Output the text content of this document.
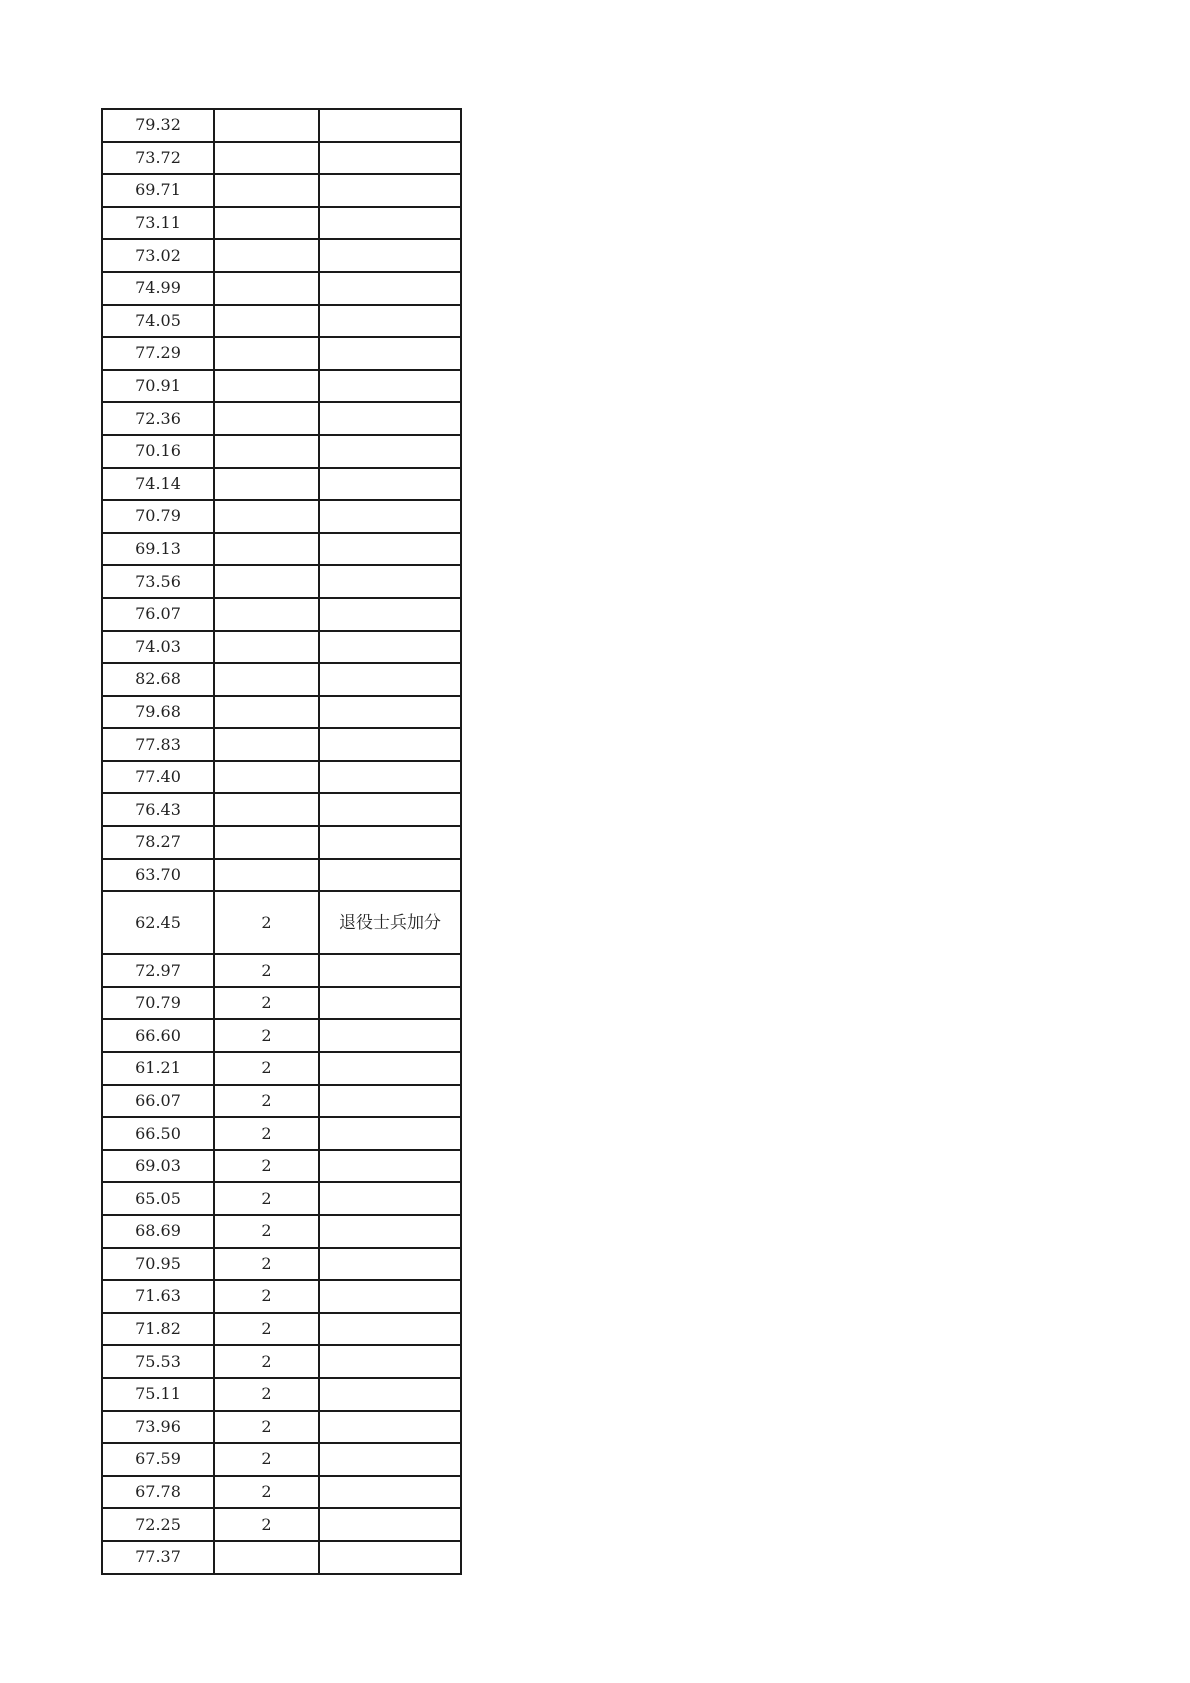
79.32		
73.72		
69.71		
73.11		
73.02		
74.99		
74.05		
77.29		
70.91		
72.36		
70.16		
74.14		
70.79		
69.13		
73.56		
76.07		
74.03		
82.68		
79.68		
77.83		
77.40		
76.43		
78.27		
63.70		
62.45	2	退役士兵加分
72.97	2	
70.79	2	
66.60	2	
61.21	2	
66.07	2	
66.50	2	
69.03	2	
65.05	2	
68.69	2	
70.95	2	
71.63	2	
71.82	2	
75.53	2	
75.11	2	
73.96	2	
67.59	2	
67.78	2	
72.25	2	
77.37		
